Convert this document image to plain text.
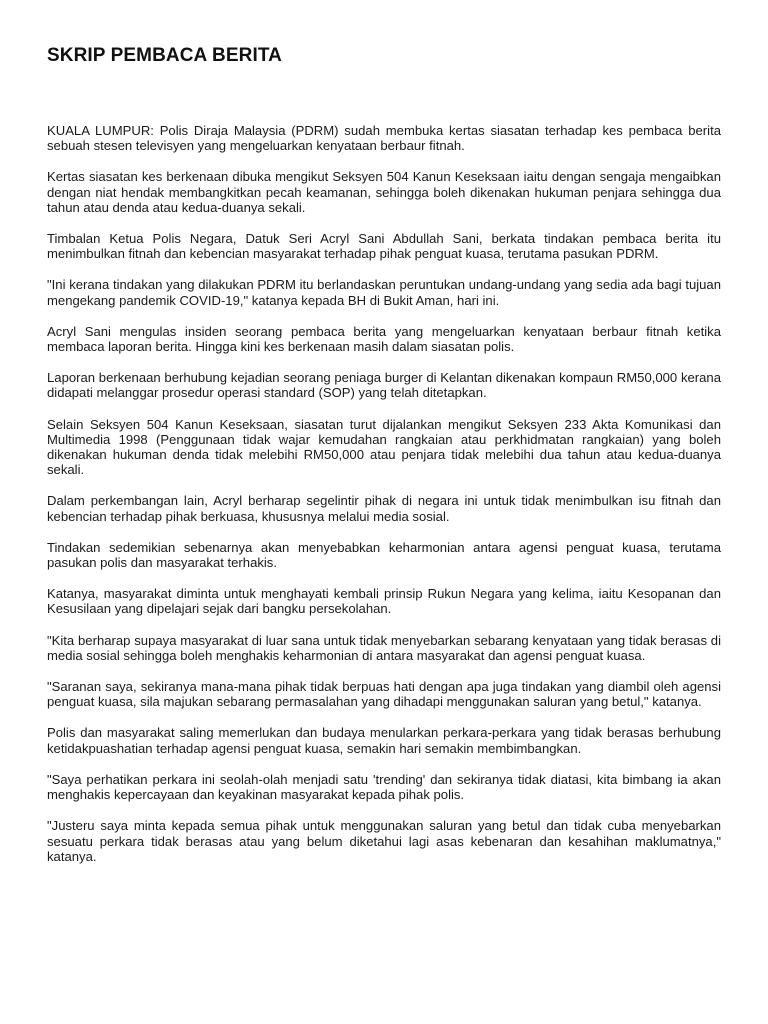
SKRIP PEMBACA BERITA

KUALA LUMPUR: Polis Diraja Malaysia (PDRM) sudah membuka kertas siasatan terhadap kes pembaca berita sebuah stesen televisyen yang mengeluarkan kenyataan berbaur fitnah.

Kertas siasatan kes berkenaan dibuka mengikut Seksyen 504 Kanun Keseksaan iaitu dengan sengaja mengaibkan dengan niat hendak membangkitkan pecah keamanan, sehingga boleh dikenakan hukuman penjara sehingga dua tahun atau denda atau kedua-duanya sekali.

Timbalan Ketua Polis Negara, Datuk Seri Acryl Sani Abdullah Sani, berkata tindakan pembaca berita itu menimbulkan fitnah dan kebencian masyarakat terhadap pihak penguat kuasa, terutama pasukan PDRM.

"Ini kerana tindakan yang dilakukan PDRM itu berlandaskan peruntukan undang-undang yang sedia ada bagi tujuan mengekang pandemik COVID-19," katanya kepada BH di Bukit Aman, hari ini.

Acryl Sani mengulas insiden seorang pembaca berita yang mengeluarkan kenyataan berbaur fitnah ketika membaca laporan berita. Hingga kini kes berkenaan masih dalam siasatan polis.

Laporan berkenaan berhubung kejadian seorang peniaga burger di Kelantan dikenakan kompaun RM50,000 kerana didapati melanggar prosedur operasi standard (SOP) yang telah ditetapkan.

Selain Seksyen 504 Kanun Keseksaan, siasatan turut dijalankan mengikut Seksyen 233 Akta Komunikasi dan Multimedia 1998 (Penggunaan tidak wajar kemudahan rangkaian atau perkhidmatan rangkaian) yang boleh dikenakan hukuman denda tidak melebihi RM50,000 atau penjara tidak melebihi dua tahun atau kedua-duanya sekali.

Dalam perkembangan lain, Acryl berharap segelintir pihak di negara ini untuk tidak menimbulkan isu fitnah dan kebencian terhadap pihak berkuasa, khususnya melalui media sosial.

Tindakan sedemikian sebenarnya akan menyebabkan keharmonian antara agensi penguat kuasa, terutama pasukan polis dan masyarakat terhakis.

Katanya, masyarakat diminta untuk menghayati kembali prinsip Rukun Negara yang kelima, iaitu Kesopanan dan Kesusilaan yang dipelajari sejak dari bangku persekolahan.

"Kita berharap supaya masyarakat di luar sana untuk tidak menyebarkan sebarang kenyataan yang tidak berasas di media sosial sehingga boleh menghakis keharmonian di antara masyarakat dan agensi penguat kuasa.

"Saranan saya, sekiranya mana-mana pihak tidak berpuas hati dengan apa juga tindakan yang diambil oleh agensi penguat kuasa, sila majukan sebarang permasalahan yang dihadapi menggunakan saluran yang betul," katanya.

Polis dan masyarakat saling memerlukan dan budaya menularkan perkara-perkara yang tidak berasas berhubung ketidakpuashatian terhadap agensi penguat kuasa, semakin hari semakin membimbangkan.

"Saya perhatikan perkara ini seolah-olah menjadi satu 'trending' dan sekiranya tidak diatasi, kita bimbang ia akan menghakis kepercayaan dan keyakinan masyarakat kepada pihak polis.

"Justeru saya minta kepada semua pihak untuk menggunakan saluran yang betul dan tidak cuba menyebarkan sesuatu perkara tidak berasas atau yang belum diketahui lagi asas kebenaran dan kesahihan maklumatnya," katanya.
